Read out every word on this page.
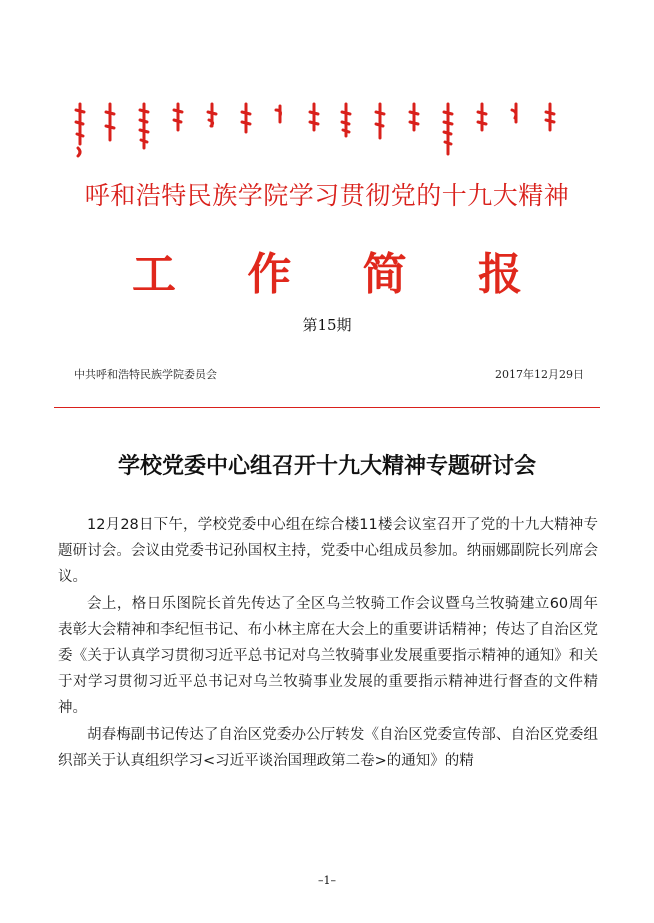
呼和浩特民族学院学习贯彻党的十九大精神
工 作 简 报
第15期
中共呼和浩特民族学院委员会	2017年12月29日
学校党委中心组召开十九大精神专题研讨会

12月28日下午，学校党委中心组在综合楼11楼会议室召开了党的十九大精神专题研讨会。会议由党委书记孙国权主持，党委中心组成员参加。纳丽娜副院长列席会议。

会上，格日乐图院长首先传达了全区乌兰牧骑工作会议暨乌兰牧骑建立60周年表彰大会精神和李纪恒书记、布小林主席在大会上的重要讲话精神；传达了自治区党委《关于认真学习贯彻习近平总书记对乌兰牧骑事业发展重要指示精神的通知》和关于对学习贯彻习近平总书记对乌兰牧骑事业发展的重要指示精神进行督查的文件精神。

胡春梅副书记传达了自治区党委办公厅转发《自治区党委宣传部、自治区党委组织部关于认真组织学习<习近平谈治国理政第二卷>的通知》的精

–1–
